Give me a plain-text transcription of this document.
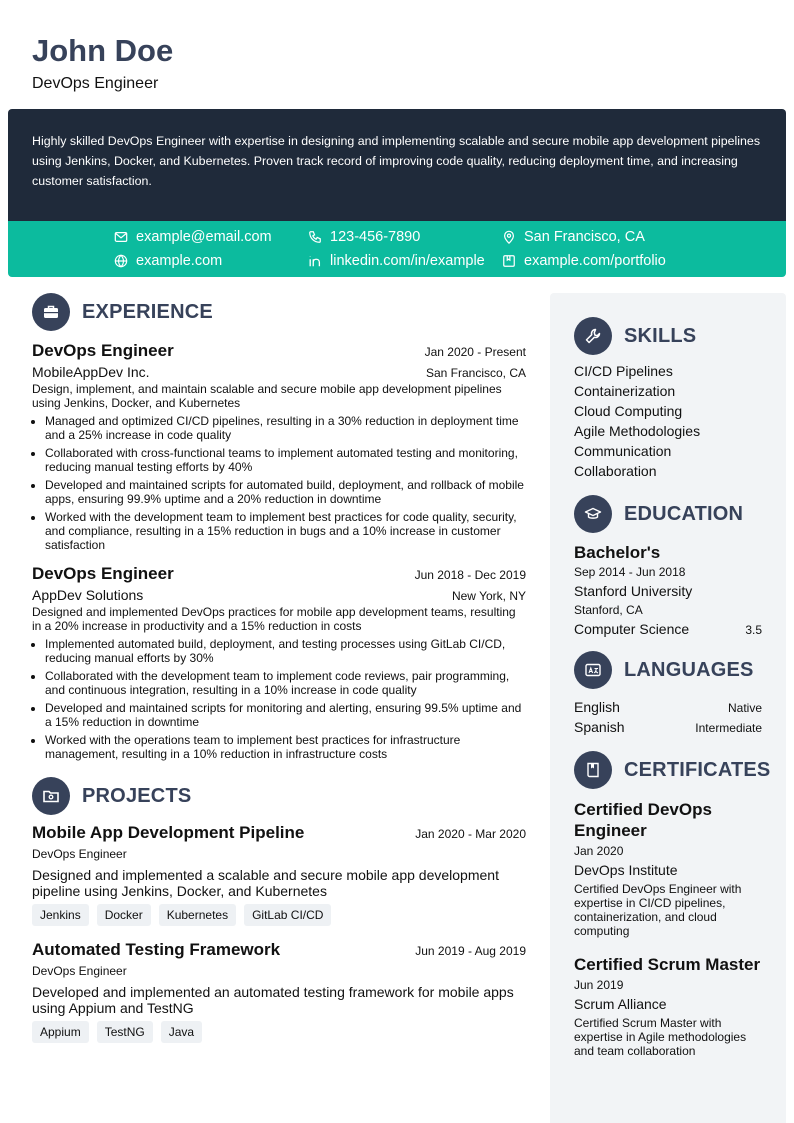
John Doe
DevOps Engineer

Highly skilled DevOps Engineer with expertise in designing and implementing scalable and secure mobile app development pipelines using Jenkins, Docker, and Kubernetes. Proven track record of improving code quality, reducing deployment time, and increasing customer satisfaction.

example@email.com	123-456-7890	San Francisco, CA
example.com	linkedin.com/in/example	example.com/portfolio
EXPERIENCE
DevOps Engineer	Jan 2020 - Present
MobileAppDev Inc.	San Francisco, CA
Design, implement, and maintain scalable and secure mobile app development pipelines using Jenkins, Docker, and Kubernetes
• Managed and optimized CI/CD pipelines, resulting in a 30% reduction in deployment time and a 25% increase in code quality
• Collaborated with cross-functional teams to implement automated testing and monitoring, reducing manual testing efforts by 40%
• Developed and maintained scripts for automated build, deployment, and rollback of mobile apps, ensuring 99.9% uptime and a 20% reduction in downtime
• Worked with the development team to implement best practices for code quality, security, and compliance, resulting in a 15% reduction in bugs and a 10% increase in customer satisfaction
DevOps Engineer	Jun 2018 - Dec 2019
AppDev Solutions	New York, NY
Designed and implemented DevOps practices for mobile app development teams, resulting in a 20% increase in productivity and a 15% reduction in costs
• Implemented automated build, deployment, and testing processes using GitLab CI/CD, reducing manual efforts by 30%
• Collaborated with the development team to implement code reviews, pair programming, and continuous integration, resulting in a 10% increase in code quality
• Developed and maintained scripts for monitoring and alerting, ensuring 99.5% uptime and a 15% reduction in downtime
• Worked with the operations team to implement best practices for infrastructure management, resulting in a 10% reduction in infrastructure costs
PROJECTS
Mobile App Development Pipeline	Jan 2020 - Mar 2020
DevOps Engineer
Designed and implemented a scalable and secure mobile app development pipeline using Jenkins, Docker, and Kubernetes
Jenkins	Docker	Kubernetes	GitLab CI/CD
Automated Testing Framework	Jun 2019 - Aug 2019
DevOps Engineer
Developed and implemented an automated testing framework for mobile apps using Appium and TestNG
Appium	TestNG	Java
SKILLS
CI/CD Pipelines
Containerization
Cloud Computing
Agile Methodologies
Communication
Collaboration
EDUCATION
Bachelor's
Sep 2014 - Jun 2018
Stanford University
Stanford, CA
Computer Science	3.5
LANGUAGES
English	Native
Spanish	Intermediate
CERTIFICATES
Certified DevOps Engineer
Jan 2020
DevOps Institute
Certified DevOps Engineer with expertise in CI/CD pipelines, containerization, and cloud computing
Certified Scrum Master
Jun 2019
Scrum Alliance
Certified Scrum Master with expertise in Agile methodologies and team collaboration
